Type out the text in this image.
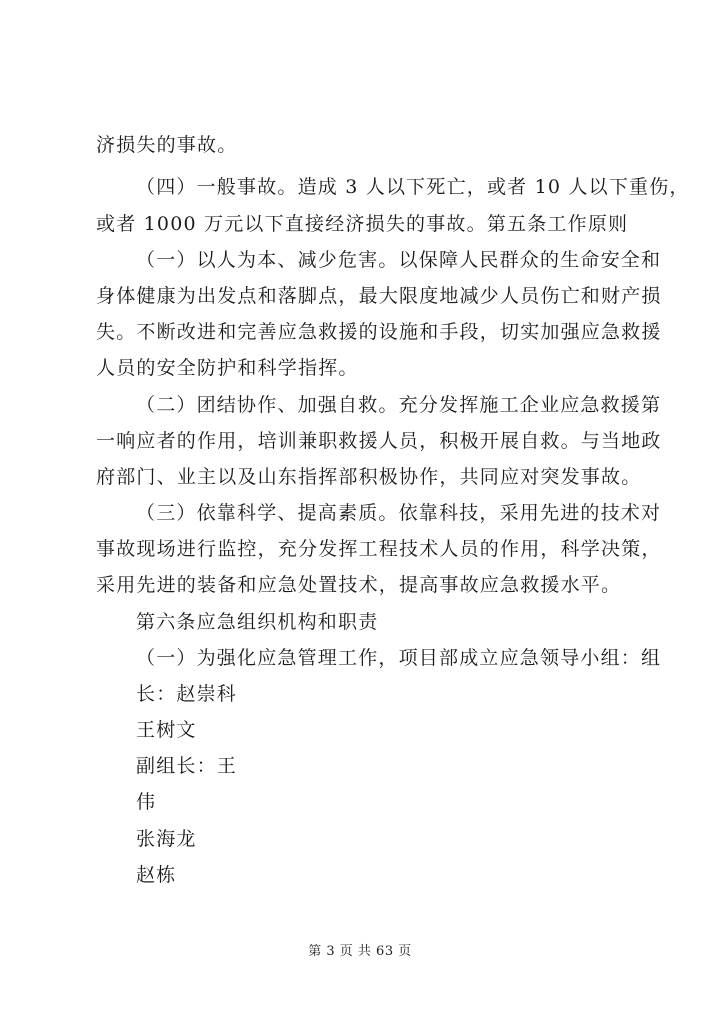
济损失的事故。
（四）一般事故。造成 3 人以下死亡，或者 10 人以下重伤，
或者 1000 万元以下直接经济损失的事故。第五条工作原则
（一）以人为本、减少危害。以保障人民群众的生命安全和
身体健康为出发点和落脚点，最大限度地减少人员伤亡和财产损
失。不断改进和完善应急救援的设施和手段，切实加强应急救援
人员的安全防护和科学指挥。
（二）团结协作、加强自救。充分发挥施工企业应急救援第
一响应者的作用，培训兼职救援人员，积极开展自救。与当地政
府部门、业主以及山东指挥部积极协作，共同应对突发事故。
（三）依靠科学、提高素质。依靠科技，采用先进的技术对
事故现场进行监控，充分发挥工程技术人员的作用，科学决策，
采用先进的装备和应急处置技术，提高事故应急救援水平。
第六条应急组织机构和职责
（一）为强化应急管理工作，项目部成立应急领导小组：组
长：赵崇科
王树文
副组长：王
伟
张海龙
赵栋
第 3 页 共 63 页
